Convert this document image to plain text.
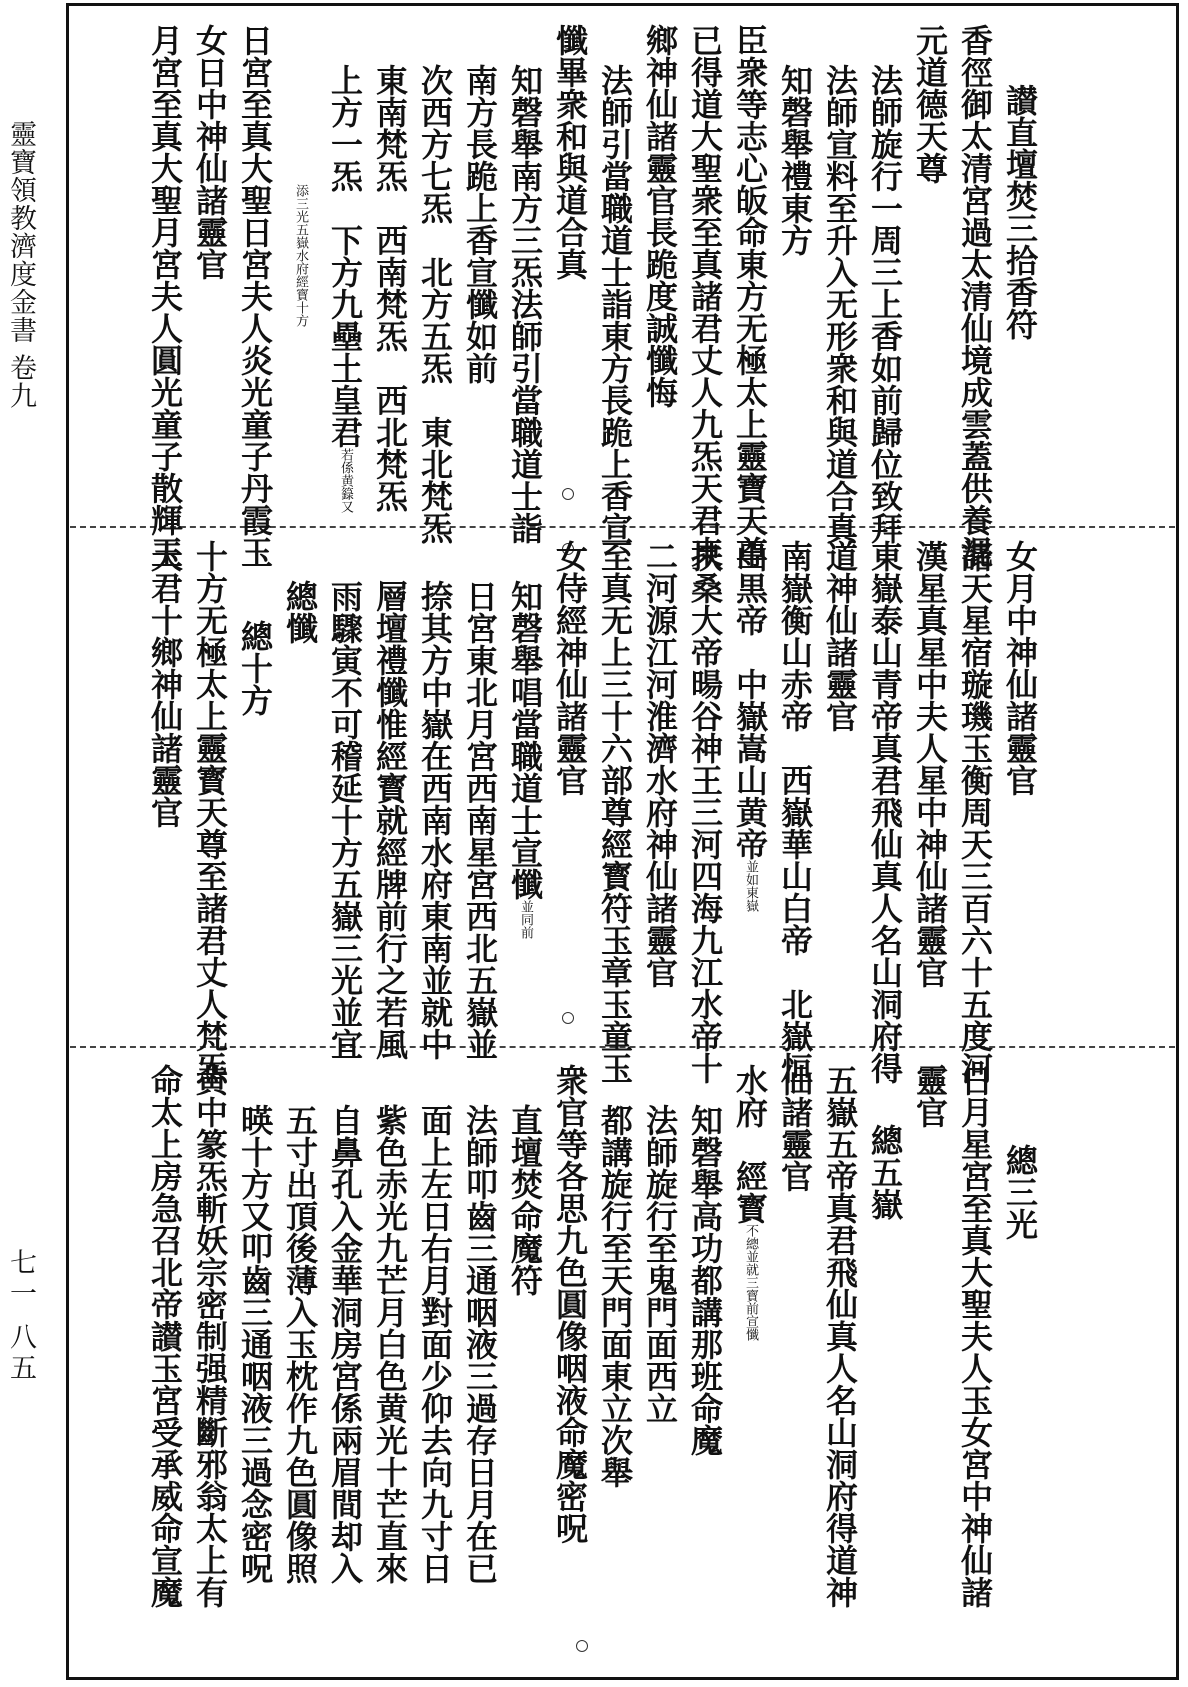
靈寶領教濟度金書 卷九
七一 八五
讃直壇焚三拾香符
香徑御太清宮過太清仙境成雲蓋供養混
元道德天尊
法師旋行一周三上香如前歸位致拜
法師宣料至升入无形衆和與道合真
知磬舉禮東方
臣衆等志心皈命東方无極太上靈寶天尊
已得道大聖衆至真諸君丈人九炁天君東
鄉神仙諸靈官長跪度誠懺悔
法師引當職道士詣東方長跪上香宣
懺畢衆和與道合真
知磬舉南方三炁法師引當職道士詣
南方長跪上香宣懺如前
次西方七炁　北方五炁　東北梵炁
東南梵炁　西南梵炁　西北梵炁
上方一炁　下方九壘土皇君若係黄籙又
添三光五嶽水府經寳十方
日宮至真大聖日宮夫人炎光童子丹霞玉
女日中神仙諸靈官
月宮至真大聖月宮夫人圓光童子散輝玉
女月中神仙諸靈官
諸天星宿璇璣玉衡周天三百六十五度河
漢星真星中夫人星中神仙諸靈官
東嶽泰山青帝真君飛仙真人名山洞府得
道神仙諸靈官
南嶽衡山赤帝　西嶽華山白帝　北嶽恒
山黒帝　中嶽嵩山黄帝並如東嶽
扶桑大帝暘谷神王三河四海九江水帝十
二河源江河淮濟水府神仙諸靈官
至真无上三十六部尊經寳符玉章玉童玉
女侍經神仙諸靈官
知磬舉唱當職道士宣懺並同前
日宮東北月宮西南星宮西北五嶽並
捺其方中嶽在西南水府東南並就中
層壇禮懺惟經寳就經牌前行之若風
雨驟寅不可稽延十方五嶽三光並宜
總懺
總十方
十方无極太上靈寳天尊至諸君丈人梵炁
天君十鄉神仙諸靈官
總三光
日月星宮至真大聖夫人玉女宮中神仙諸
靈官
總五嶽
五嶽五帝真君飛仙真人名山洞府得道神
仙諸靈官
水府　經寳不總並就三寳前宣懺
知磬舉高功都講那班命魔
法師旋行至鬼門面西立
都講旋行至天門面東立次舉
衆官等各思九色圓像咽液命魔密呪
直壇焚命魔符
法師叩齒三通咽液三過存日月在已
面上左日右月對面少仰去向九寸日
紫色赤光九芒月白色黄光十芒直來
自鼻孔入金華洞房宮係兩眉間却入
五寸出頂後薄入玉枕作九色圓像照
暎十方又叩齒三通咽液三過念密呪
黄中篆炁斬妖宗密制强精斷邪翁太上有
命太上房急召北帝讃玉宮受承威命宣魔
